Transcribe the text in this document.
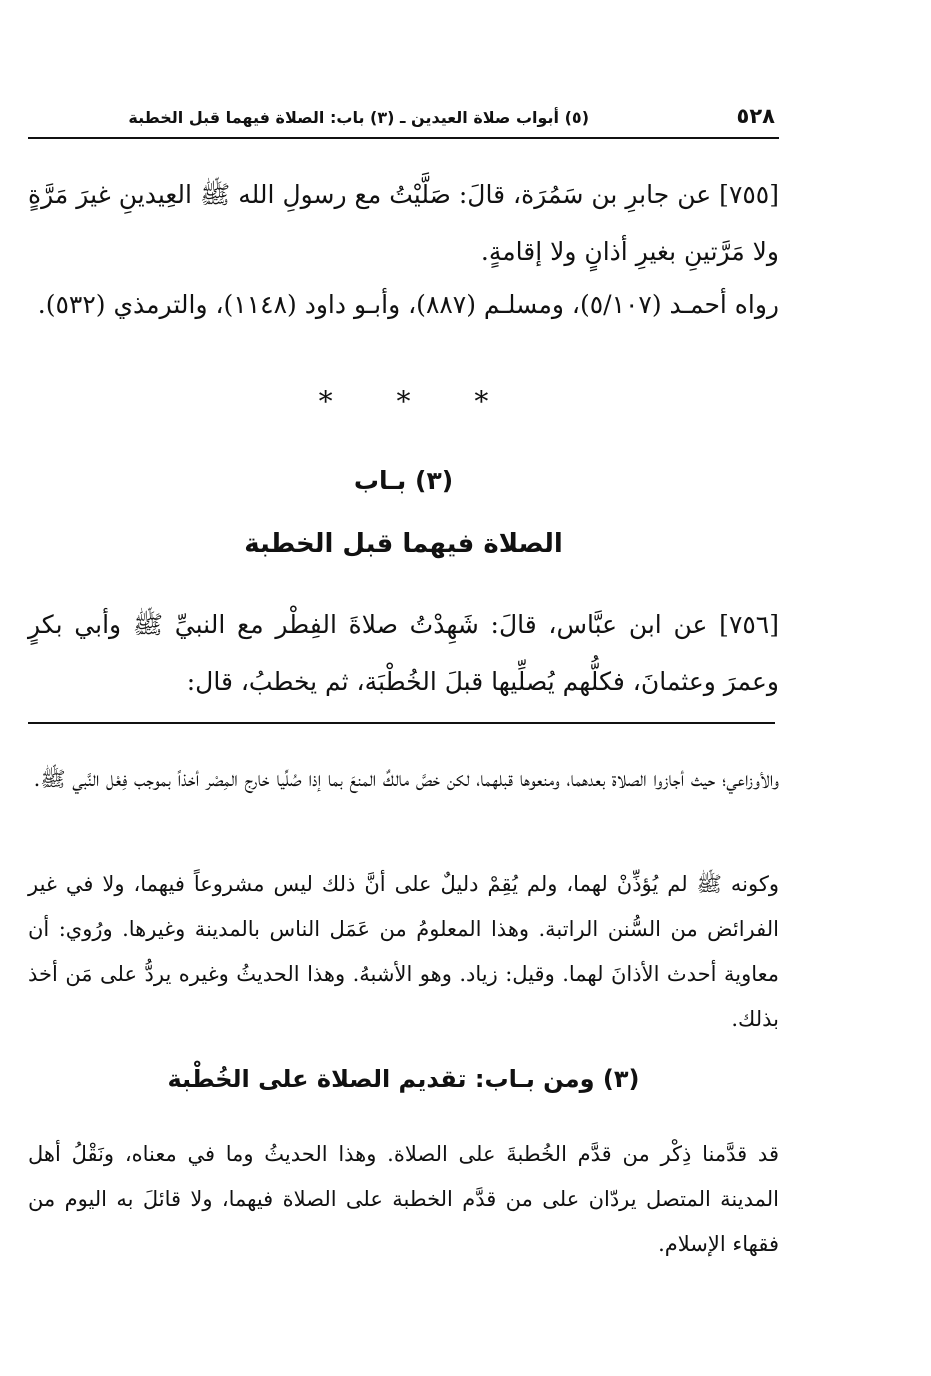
٥٢٨
(٥) أبواب صلاة العيدين ـ (٣) باب: الصلاة فيهما قبل الخطبة

[٧٥٥] عن جابرِ بن سَمُرَة، قالَ: صَلَّيْتُ مع رسولِ الله ﷺ العِيدينِ غيرَ مَرَّةٍ ولا مَرَّتينِ بغيرِ أذانٍ ولا إقامةٍ.

رواه أحمـد (٥/١٠٧)، ومسلـم (٨٨٧)، وأبـو داود (١١٤٨)، والترمذي (٥٣٢).

* * *
(٣) بـاب
الصلاة فيهما قبل الخطبة

[٧٥٦] عن ابن عبَّاس، قالَ: شَهِدْتُ صلاةَ الفِطْر مع النبيِّ ﷺ وأبي بكرٍ وعمرَ وعثمانَ، فكلُّهم يُصلِّيها قبلَ الخُطْبَة، ثم يخطبُ، قال:

والأوزاعي؛ حيث أجازوا الصلاة بعدهما، ومنعوها قبلهما، لكن خصَّ مالكٌ المنعَ بما إذا صُلِّيا خارج المِصْر أخذاً بموجب فِعْل النَّبي ﷺ.

وكونه ﷺ لم يُؤذِّنْ لهما، ولم يُقِمْ دليلٌ على أنَّ ذلك ليس مشروعاً فيهما، ولا في غير الفرائض من السُّنن الراتبة. وهذا المعلومُ من عَمَل الناس بالمدينة وغيرها. ورُوي: أن معاوية أحدث الأذانَ لهما. وقيل: زياد. وهو الأشبهُ. وهذا الحديثُ وغيره يردُّ على مَن أخذ بذلك.

(٣) ومن بـاب: تقديم الصلاة على الخُطْبة

قد قدَّمنا ذِكْر من قدَّم الخُطبةَ على الصلاة. وهذا الحديثُ وما في معناه، ونَقْلُ أهل المدينة المتصل يردّان على من قدَّم الخطبة على الصلاة فيهما، ولا قائلَ به اليوم من فقهاء الإسلام.
